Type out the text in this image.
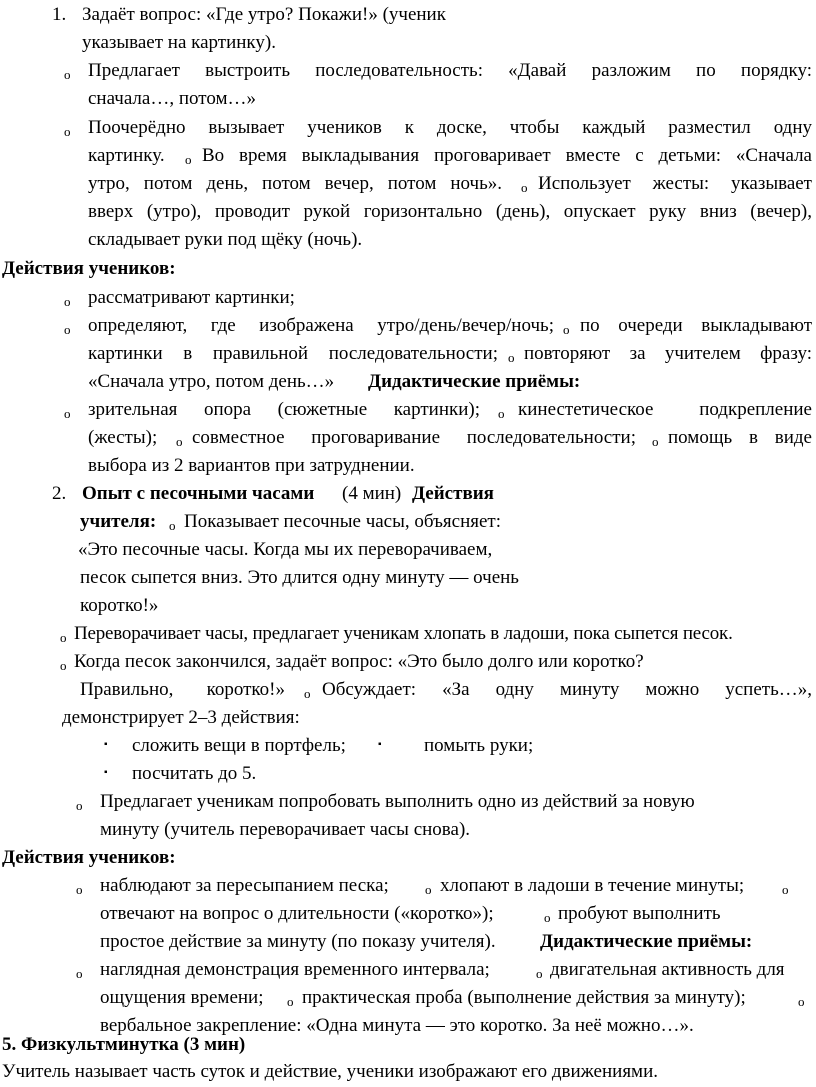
1. Задаёт вопрос: «Где утро? Покажи!» (ученик
указывает на картинку).
o Предлагает выстроить последовательность: «Давай разложим по порядку:
сначала…, потом…»
o Поочерёдно вызывает учеников к доске, чтобы каждый разместил одну
картинку. o Во время выкладывания проговаривает вместе с детьми: «Сначала
утро, потом день, потом вечер, потом ночь». o Использует жесты: указывает
вверх (утро), проводит рукой горизонтально (день), опускает руку вниз (вечер),
складывает руки под щёку (ночь).
Действия учеников:
o рассматривают картинки;
o определяют, где изображена утро/день/вечер/ночь; o по очереди выкладывают
картинки в правильной последовательности; o повторяют за учителем фразу:
«Сначала утро, потом день…» Дидактические приёмы:
o зрительная опора (сюжетные картинки); o кинестетическое подкрепление
(жесты); o совместное проговаривание последовательности; o помощь в виде
выбора из 2 вариантов при затруднении.
2. Опыт с песочными часами (4 мин) Действия
учителя: o Показывает песочные часы, объясняет:
«Это песочные часы. Когда мы их переворачиваем,
песок сыпется вниз. Это длится одну минуту — очень
коротко!»
o Переворачивает часы, предлагает ученикам хлопать в ладоши, пока сыпется песок.
o Когда песок закончился, задаёт вопрос: «Это было долго или коротко?
Правильно, коротко!» o Обсуждает: «За одну минуту можно успеть…»,
демонстрирует 2–3 действия:
▪ сложить вещи в портфель;	▪ помыть руки;
▪ посчитать до 5.
o Предлагает ученикам попробовать выполнить одно из действий за новую
минуту (учитель переворачивает часы снова).
Действия учеников:
o наблюдают за пересыпанием песка;	o хлопают в ладоши в течение минуты;	o
отвечают на вопрос о длительности («коротко»);	o пробуют выполнить
простое действие за минуту (по показу учителя). Дидактические приёмы:
o наглядная демонстрация временного интервала;	o двигательная активность для
ощущения времени; o практическая проба (выполнение действия за минуту);	o
вербальное закрепление: «Одна минута — это коротко. За неё можно…».
5. Физкультминутка (3 мин)
Учитель называет часть суток и действие, ученики изображают его движениями.
